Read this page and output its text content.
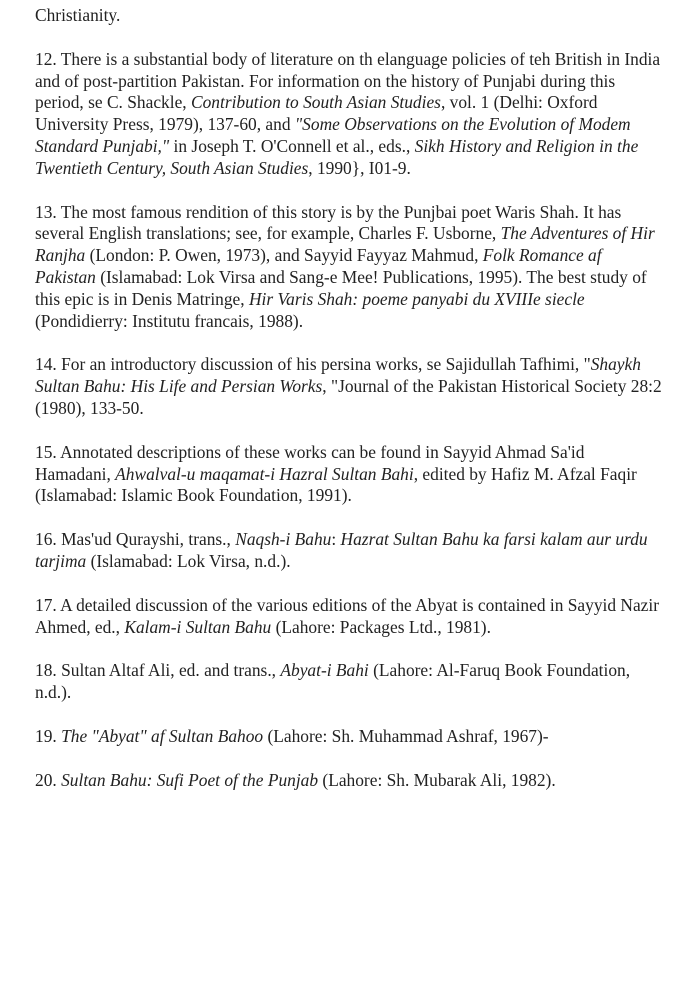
Christianity.

12. There is a substantial body of literature on th elanguage policies of teh British in India and of post-partition Pakistan. For information on the history of Punjabi during this period, se C. Shackle, Contribution to South Asian Studies, vol. 1 (Delhi: Oxford University Press, 1979), 137-60, and "Some Observations on the Evolution of Modem Standard Punjabi," in Joseph T. O'Connell et al., eds., Sikh History and Religion in the Twentieth Century, South Asian Studies, 1990}, I01-9.

13. The most famous rendition of this story is by the Punjbai poet Waris Shah. It has several English translations; see, for example, Charles F. Usborne, The Adventures of Hir Ranjha (London: P. Owen, 1973), and Sayyid Fayyaz Mahmud, Folk Romance af Pakistan (Islamabad: Lok Virsa and Sang-e Mee! Publications, 1995). The best study of this epic is in Denis Matringe, Hir Varis Shah: poeme panyabi du XVIIIe siecle (Pondidierry: Institutu francais, 1988).

14. For an introductory discussion of his persina works, se Sajidullah Tafhimi, "Shaykh Sultan Bahu: His Life and Persian Works, "Journal of the Pakistan Historical Society 28:2 (1980), 133-50.

15. Annotated descriptions of these works can be found in Sayyid Ahmad Sa'id Hamadani, Ahwalval-u maqamat-i Hazral Sultan Bahi, edited by Hafiz M. Afzal Faqir (Islamabad: Islamic Book Foundation, 1991).

16. Mas'ud Qurayshi, trans., Naqsh-i Bahu: Hazrat Sultan Bahu ka farsi kalam aur urdu tarjima (Islamabad: Lok Virsa, n.d.).

17. A detailed discussion of the various editions of the Abyat is contained in Sayyid Nazir Ahmed, ed., Kalam-i Sultan Bahu (Lahore: Packages Ltd., 1981).

18. Sultan Altaf Ali, ed. and trans., Abyat-i Bahi (Lahore: Al-Faruq Book Foundation, n.d.).

19. The "Abyat" af Sultan Bahoo (Lahore: Sh. Muhammad Ashraf, 1967)-

20. Sultan Bahu: Sufi Poet of the Punjab (Lahore: Sh. Mubarak Ali, 1982).
